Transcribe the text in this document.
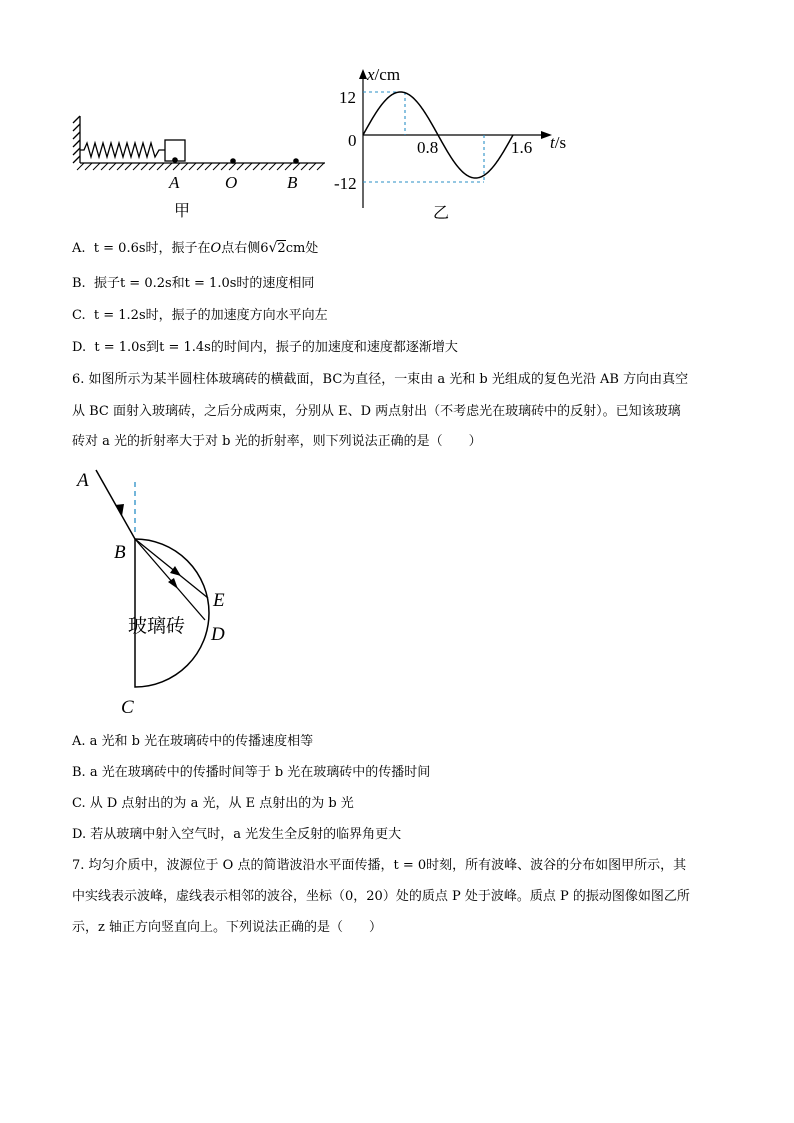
A	O	B
甲
x/cm
t/s
12
0
-12
0.8	1.6
乙
A. t = 0.6s时，振子在O点右侧6√2cm处
B. 振子t = 0.2s和t = 1.0s时的速度相同
C. t = 1.2s时，振子的加速度方向水平向左
D. t = 1.0s到t = 1.4s的时间内，振子的加速度和速度都逐渐增大
6. 如图所示为某半圆柱体玻璃砖的横截面，BC为直径，一束由 a 光和 b 光组成的复色光沿 AB 方向由真空
从 BC 面射入玻璃砖，之后分成两束，分别从 E、D 两点射出（不考虑光在玻璃砖中的反射）。已知该玻璃
砖对 a 光的折射率大于对 b 光的折射率，则下列说法正确的是（　　）
A
B
E
D
玻璃砖
C
A. a 光和 b 光在玻璃砖中的传播速度相等
B. a 光在玻璃砖中的传播时间等于 b 光在玻璃砖中的传播时间
C. 从 D 点射出的为 a 光，从 E 点射出的为 b 光
D. 若从玻璃中射入空气时，a 光发生全反射的临界角更大
7. 均匀介质中，波源位于 O 点的简谐波沿水平面传播，t = 0时刻，所有波峰、波谷的分布如图甲所示，其
中实线表示波峰，虚线表示相邻的波谷，坐标（0，20）处的质点 P 处于波峰。质点 P 的振动图像如图乙所
示，z 轴正方向竖直向上。下列说法正确的是（　　）
